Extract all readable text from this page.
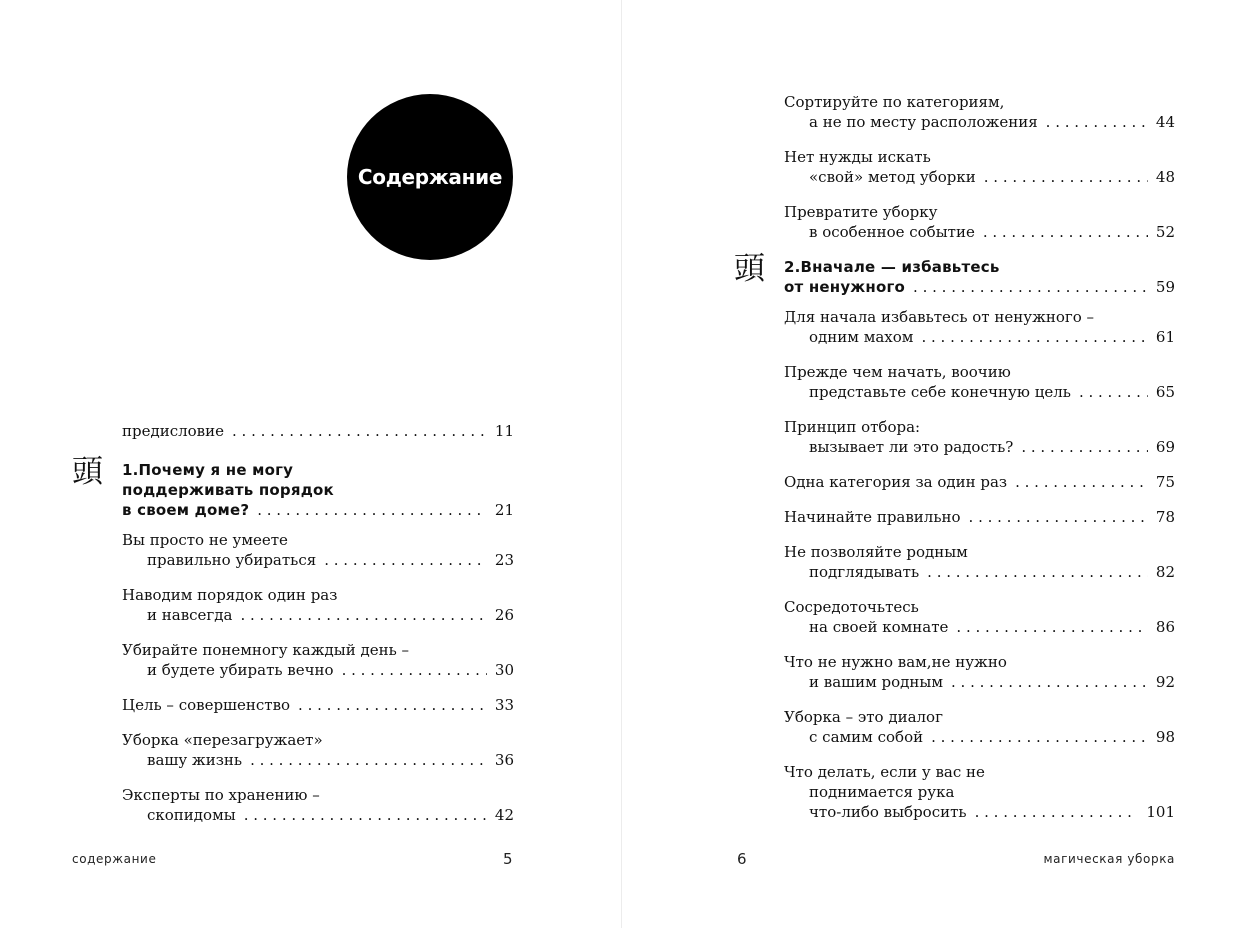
Содержание
предисловие . . .	11
頭 1.Почему я не могу
поддерживать порядок
в своем доме? . . .	21
Вы просто не умеете
правильно убираться . . .	23
Наводим порядок один раз
и навсегда . . .	26
Убирайте понемногу каждый день –
и будете убирать вечно . . .	30
Цель – совершенство . . .	33
Уборка «перезагружает»
вашу жизнь . . .	36
Эксперты по хранению –
скопидомы . . .	42
содержание	5
Сортируйте по категориям,
а не по месту расположения . . .	44
Нет нужды искать
«свой» метод уборки . . .	48
Превратите уборку
в особенное событие . . .	52
頭 2.Вначале — избавьтесь
от ненужного . . .	59
Для начала избавьтесь от ненужного –
одним махом . . .	61
Прежде чем начать, воочию
представьте себе конечную цель . . .	65
Принцип отбора:
вызывает ли это радость? . . .	69
Одна категория за один раз . . .	75
Начинайте правильно . . .	78
Не позволяйте родным
подглядывать . . .	82
Сосредоточьтесь
на своей комнате . . .	86
Что не нужно вам,не нужно
и вашим родным . . .	92
Уборка – это диалог
с самим собой . . .	98
Что делать, если у вас не
поднимается рука
что-либо выбросить . . .	101
6	магическая уборка
